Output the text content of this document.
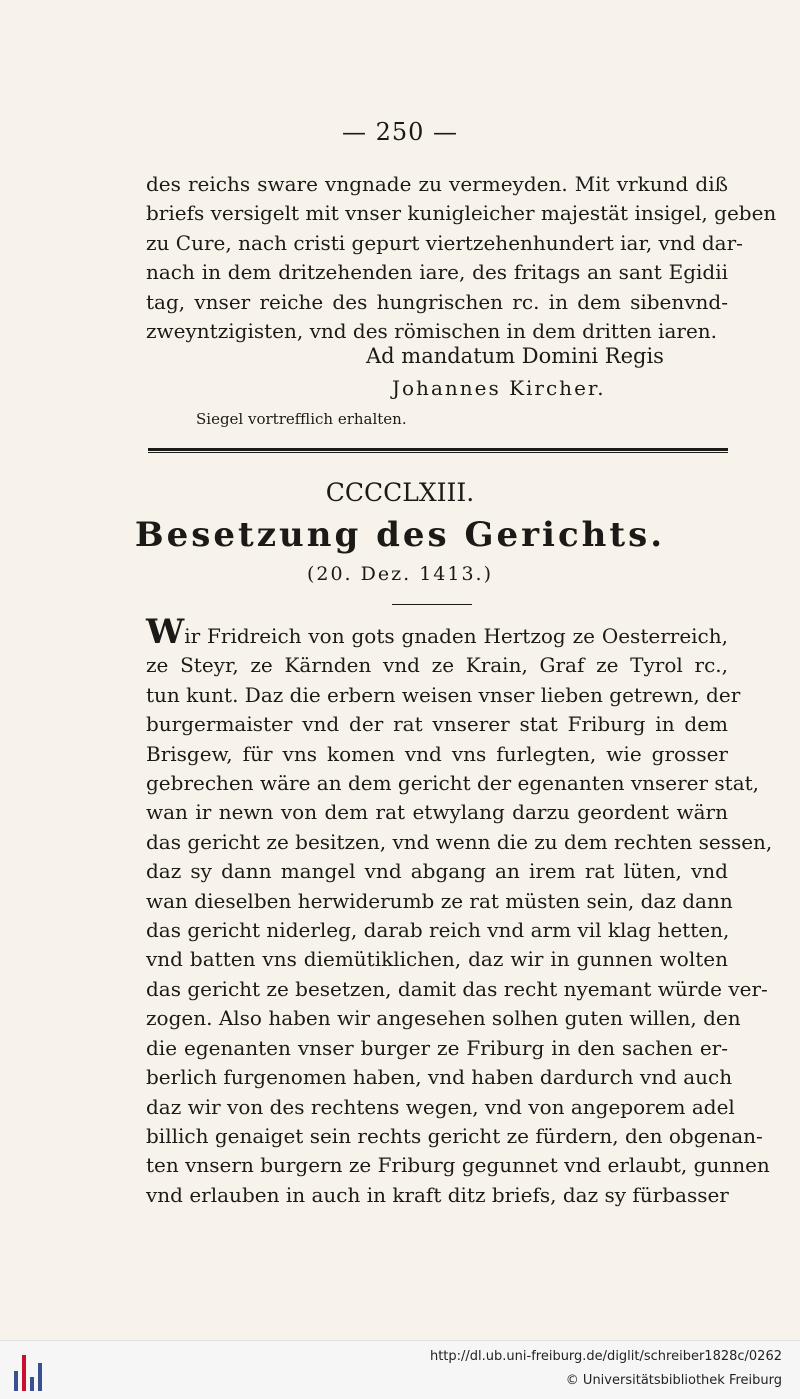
— 250 —
des reichs sware vngnade zu vermeyden. Mit vrkund diß
briefs versigelt mit vnser kunigleicher majestät insigel, geben
zu Cure, nach cristi gepurt viertzehenhundert iar, vnd dar-
nach in dem dritzehenden iare, des fritags an sant Egidii
tag, vnser reiche des hungrischen rc. in dem sibenvnd-
zweyntzigisten, vnd des römischen in dem dritten iaren.
Ad mandatum Domini Regis
Johannes Kircher.
Siegel vortrefflich erhalten.
CCCCLXIII.
Besetzung des Gerichts.
(20. Dez. 1413.)
Wir Fridreich von gots gnaden Hertzog ze Oesterreich,
ze Steyr, ze Kärnden vnd ze Krain, Graf ze Tyrol rc.,
tun kunt. Daz die erbern weisen vnser lieben getrewn, der
burgermaister vnd der rat vnserer stat Friburg in dem
Brisgew, für vns komen vnd vns furlegten, wie grosser
gebrechen wäre an dem gericht der egenanten vnserer stat,
wan ir newn von dem rat etwylang darzu geordent wärn
das gericht ze besitzen, vnd wenn die zu dem rechten sessen,
daz sy dann mangel vnd abgang an irem rat lüten, vnd
wan dieselben herwiderumb ze rat müsten sein, daz dann
das gericht niderleg, darab reich vnd arm vil klag hetten,
vnd batten vns diemütiklichen, daz wir in gunnen wolten
das gericht ze besetzen, damit das recht nyemant würde ver-
zogen. Also haben wir angesehen solhen guten willen, den
die egenanten vnser burger ze Friburg in den sachen er-
berlich furgenomen haben, vnd haben dardurch vnd auch
daz wir von des rechtens wegen, vnd von angeporem adel
billich genaiget sein rechts gericht ze fürdern, den obgenan-
ten vnsern burgern ze Friburg gegunnet vnd erlaubt, gunnen
vnd erlauben in auch in kraft ditz briefs, daz sy fürbasser
http://dl.ub.uni-freiburg.de/diglit/schreiber1828c/0262
© Universitätsbibliothek Freiburg
